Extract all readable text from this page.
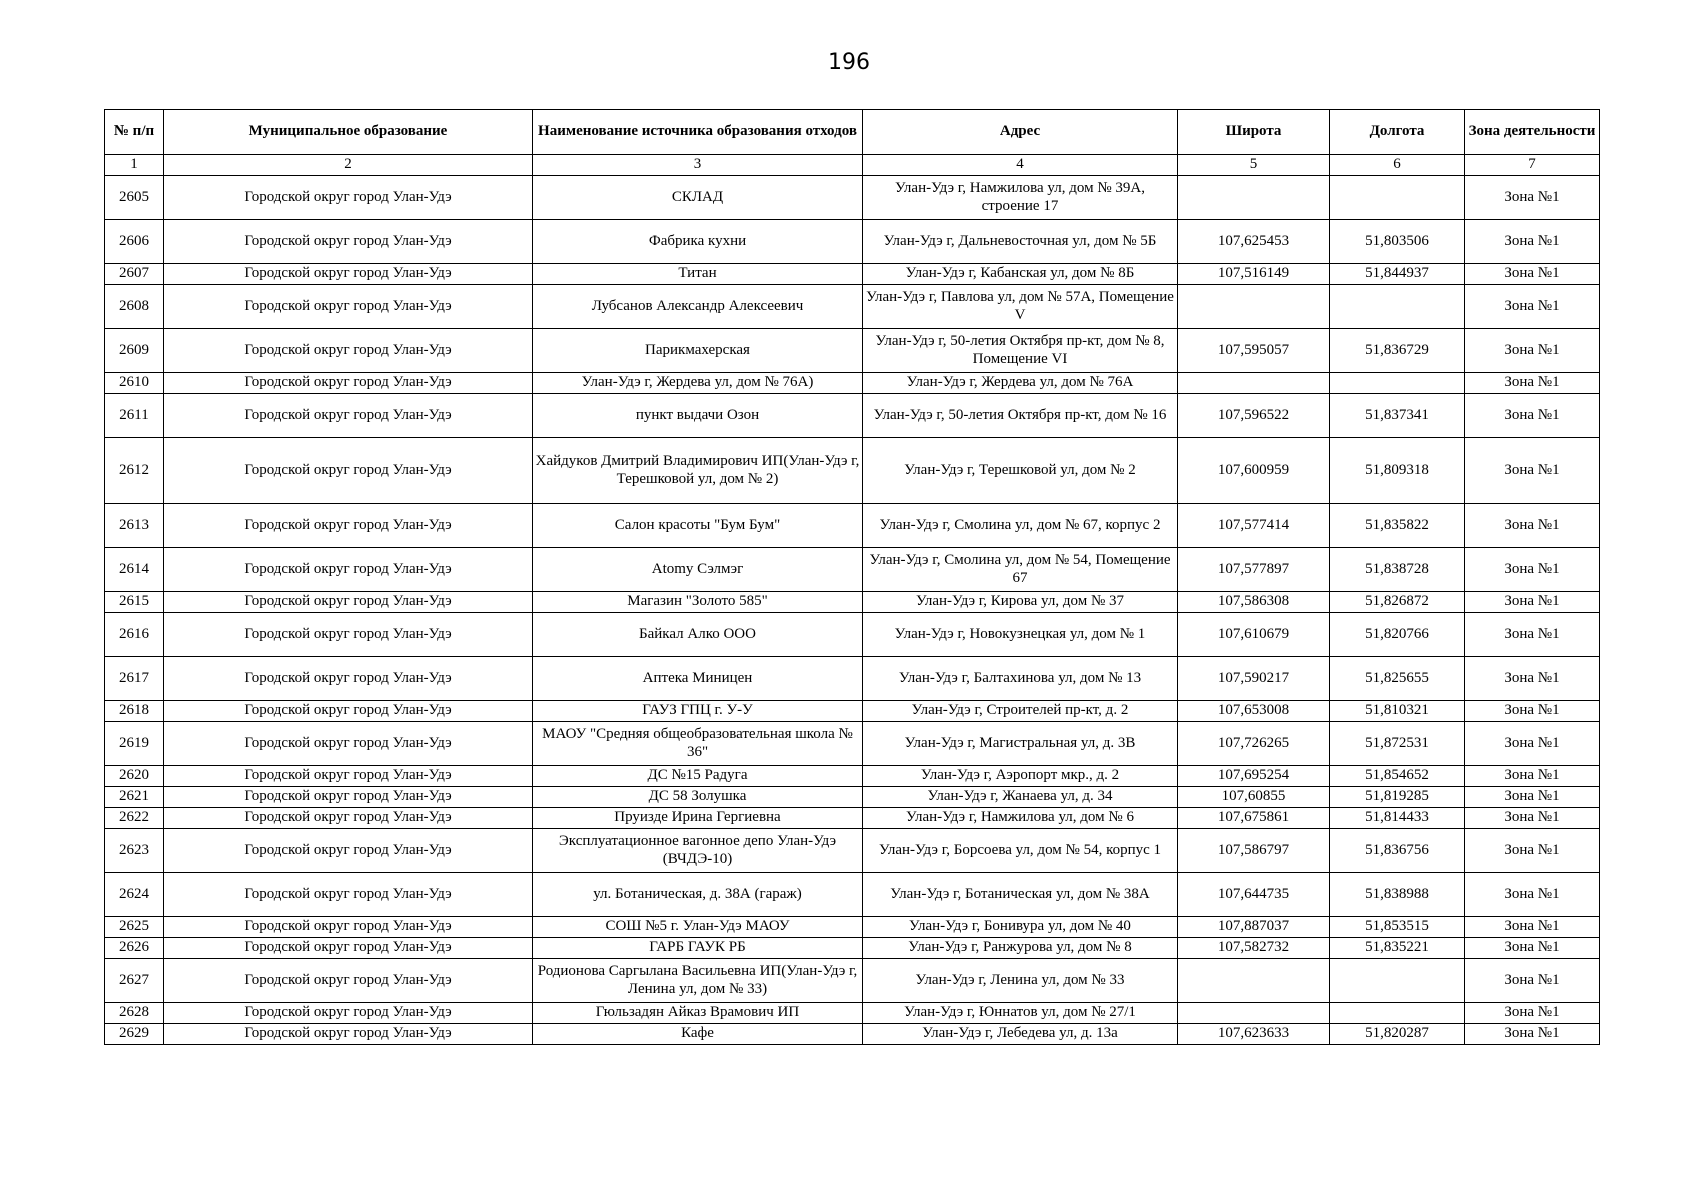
196
№ п/п	Муниципальное образование	Наименование источника образования отходов	Адрес	Широта	Долгота	Зона деятельности
1	2	3	4	5	6	7
2605	Городской округ город Улан-Удэ	СКЛАД	Улан-Удэ г, Намжилова ул, дом № 39А, строение 17			Зона №1
2606	Городской округ город Улан-Удэ	Фабрика кухни	Улан-Удэ г, Дальневосточная ул, дом № 5Б	107,625453	51,803506	Зона №1
2607	Городской округ город Улан-Удэ	Титан	Улан-Удэ г, Кабанская ул, дом № 8Б	107,516149	51,844937	Зона №1
2608	Городской округ город Улан-Удэ	Лубсанов Александр Алексеевич	Улан-Удэ г, Павлова ул, дом № 57А, Помещение V			Зона №1
2609	Городской округ город Улан-Удэ	Парикмахерская	Улан-Удэ г, 50-летия Октября пр-кт, дом № 8, Помещение VI	107,595057	51,836729	Зона №1
2610	Городской округ город Улан-Удэ	Улан-Удэ г, Жердева ул, дом № 76А)	Улан-Удэ г, Жердева ул, дом № 76А			Зона №1
2611	Городской округ город Улан-Удэ	пункт выдачи Озон	Улан-Удэ г, 50-летия Октября пр-кт, дом № 16	107,596522	51,837341	Зона №1
2612	Городской округ город Улан-Удэ	Хайдуков Дмитрий Владимирович ИП(Улан-Удэ г, Терешковой ул, дом № 2)	Улан-Удэ г, Терешковой ул, дом № 2	107,600959	51,809318	Зона №1
2613	Городской округ город Улан-Удэ	Салон красоты "Бум Бум"	Улан-Удэ г, Смолина ул, дом № 67, корпус 2	107,577414	51,835822	Зона №1
2614	Городской округ город Улан-Удэ	Atomy Сэлмэг	Улан-Удэ г, Смолина ул, дом № 54, Помещение 67	107,577897	51,838728	Зона №1
2615	Городской округ город Улан-Удэ	Магазин "Золото 585"	Улан-Удэ г, Кирова ул, дом № 37	107,586308	51,826872	Зона №1
2616	Городской округ город Улан-Удэ	Байкал Алко ООО	Улан-Удэ г, Новокузнецкая ул, дом № 1	107,610679	51,820766	Зона №1
2617	Городской округ город Улан-Удэ	Аптека Миницен	Улан-Удэ г, Балтахинова ул, дом № 13	107,590217	51,825655	Зона №1
2618	Городской округ город Улан-Удэ	ГАУЗ ГПЦ г. У-У	Улан-Удэ г, Строителей пр-кт, д. 2	107,653008	51,810321	Зона №1
2619	Городской округ город Улан-Удэ	МАОУ "Средняя общеобразовательная школа № 36"	Улан-Удэ г, Магистральная ул, д. 3В	107,726265	51,872531	Зона №1
2620	Городской округ город Улан-Удэ	ДС №15 Радуга	Улан-Удэ г, Аэропорт мкр., д. 2	107,695254	51,854652	Зона №1
2621	Городской округ город Улан-Удэ	ДС 58 Золушка	Улан-Удэ г, Жанаева ул, д. 34	107,60855	51,819285	Зона №1
2622	Городской округ город Улан-Удэ	Пруизде Ирина Гергиевна	Улан-Удэ г, Намжилова ул, дом № 6	107,675861	51,814433	Зона №1
2623	Городской округ город Улан-Удэ	Эксплуатационное вагонное депо Улан-Удэ (ВЧДЭ-10)	Улан-Удэ г, Борсоева ул, дом № 54, корпус 1	107,586797	51,836756	Зона №1
2624	Городской округ город Улан-Удэ	ул. Ботаническая, д. 38А (гараж)	Улан-Удэ г, Ботаническая ул, дом № 38А	107,644735	51,838988	Зона №1
2625	Городской округ город Улан-Удэ	СОШ №5 г. Улан-Удэ МАОУ	Улан-Удэ г, Бонивура ул, дом № 40	107,887037	51,853515	Зона №1
2626	Городской округ город Улан-Удэ	ГАРБ ГАУК РБ	Улан-Удэ г, Ранжурова ул, дом № 8	107,582732	51,835221	Зона №1
2627	Городской округ город Улан-Удэ	Родионова Саргылана Васильевна ИП(Улан-Удэ г, Ленина ул, дом № 33)	Улан-Удэ г, Ленина ул, дом № 33			Зона №1
2628	Городской округ город Улан-Удэ	Гюльзадян Айказ Врамович ИП	Улан-Удэ г, Юннатов ул, дом № 27/1			Зона №1
2629	Городской округ город Улан-Удэ	Кафе	Улан-Удэ г, Лебедева ул, д. 13а	107,623633	51,820287	Зона №1
